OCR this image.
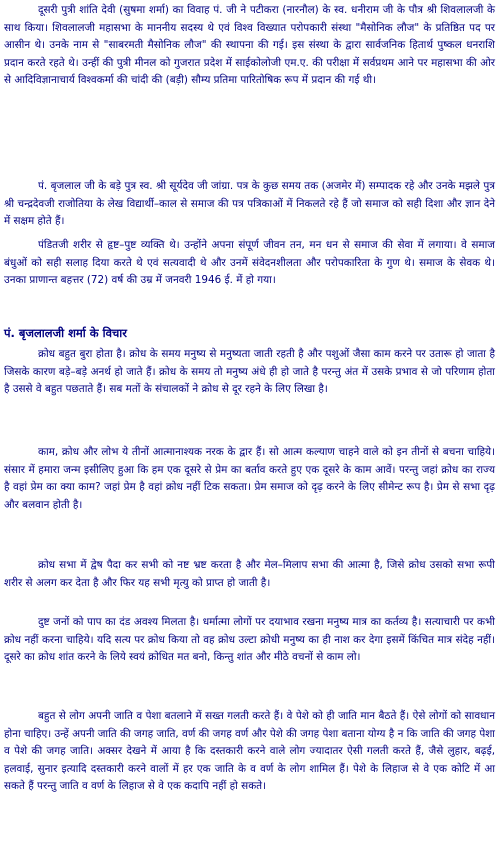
दूसरी पुत्री शांति देवी (सुषमा शर्मा) का विवाह पं. जी ने पटीकरा (नारनौल) के स्व. धनीराम जी के पौत्र श्री शिवलालजी के साथ किया। शिवलालजी महासभा के माननीय सदस्य थे एवं विश्व विख्यात परोपकारी संस्था "मैसोनिक लौज" के प्रतिष्ठित पद पर आसीन थे। उनके नाम से "साबरमती मैसोनिक लौज" की स्थापना की गई। इस संस्था के द्वारा सार्वजनिक हितार्थ पुष्कल धनराशि प्रदान करते रहते थे। उन्हीं की पुत्री मीनल को गुजरात प्रदेश में साईकोलोजी एम.ए. की परीक्षा में सर्वप्रथम आने पर महासभा की ओर से आदिविज्ञानाचार्य विश्वकर्मा की चांदी की (बड़ी) सौम्य प्रतिमा पारितोषिक रूप में प्रदान की गई थी।

पं. बृजलाल जी के बड़े पुत्र स्व. श्री सूर्यदेव जी जांग्रा. पत्र के कुछ समय तक (अजमेर में) सम्पादक रहे और उनके मझले पुत्र श्री चन्द्रदेवजी राजोतिया के लेख विद्यार्थी–काल से समाज की पत्र पत्रिकाओं में निकलते रहे हैं जो समाज को सही दिशा और ज्ञान देने में सक्षम होते हैं।

पंडितजी शरीर से हृष्ट–पुष्ट व्यक्ति थे। उन्होंने अपना संपूर्ण जीवन तन, मन धन से समाज की सेवा में लगाया। वे समाज बंधुओं को सही सलाह दिया करते थे एवं सत्यवादी थे और उनमें संवेदनशीलता और परोपकारिता के गुण थे। समाज के सेवक थे। उनका प्राणान्त बहत्तर (72) वर्ष की उम्र में जनवरी 1946 ई. में हो गया।

पं. बृजलालजी शर्मा के विचार

क्रोध बहुत बुरा होता है। क्रोध के समय मनुष्य से मनुष्यता जाती रहती है और पशुओं जैसा काम करने पर उतारू हो जाता है जिसके कारण बड़े–बड़े अनर्थ हो जाते हैं। क्रोध के समय तो मनुष्य अंधे ही हो जाते है परन्तु अंत में उसके प्रभाव से जो परिणाम होता है उससे वे बहुत पछताते हैं। सब मतों के संचालकों ने क्रोध से दूर रहने के लिए लिखा है।

काम, क्रोध और लोभ ये तीनों आत्मानाश्यक नरक के द्वार हैं। सो आत्म कल्याण चाहने वाले को इन तीनों से बचना चाहिये। संसार में हमारा जन्म इसीलिए हुआ कि हम एक दूसरे से प्रेम का बर्ताव करते हुए एक दूसरे के काम आवें। परन्तु जहां क्रोध का राज्य है वहां प्रेम का क्या काम? जहां प्रेम है वहां क्रोध नहीं टिक सकता। प्रेम समाज को दृढ़ करने के लिए सीमेन्ट रूप है। प्रेम से सभा दृढ़ और बलवान होती है।

क्रोध सभा में द्वेष पैदा कर सभी को नष्ट भ्रष्ट करता है और मेल–मिलाप सभा की आत्मा है, जिसे क्रोध उसको सभा रूपी शरीर से अलग कर देता है और फिर यह सभी मृत्यु को प्राप्त हो जाती है।

दुष्ट जनों को पाप का दंड अवश्य मिलता है। धर्मात्मा लोगों पर दयाभाव रखना मनुष्य मात्र का कर्तव्य है। सत्याचारी पर कभी क्रोध नहीं करना चाहिये। यदि सत्य पर क्रोध किया तो वह क्रोध उल्टा क्रोधी मनुष्य का ही नाश कर देगा इसमें किंचित मात्र संदेह नहीं। दूसरे का क्रोध शांत करने के लिये स्वयं क्रोधित मत बनो, किन्तु शांत और मीठे वचनों से काम लो।

बहुत से लोग अपनी जाति व पेशा बतलाने में सख्त गलती करते हैं। वे पेशे को ही जाति मान बैठते हैं। ऐसे लोगों को सावधान होना चाहिए। उन्हें अपनी जाति की जगह जाति, वर्ण की जगह वर्ण और पेशे की जगह पेशा बताना योग्य है न कि जाति की जगह पेशा व पेशे की जगह जाति। अक्सर देखने में आया है कि दस्तकारी करने वाले लोग ज्यादातर ऐसी गलती करते हैं, जैसे लुहार, बढ़ई, हलवाई, सुनार इत्यादि दस्तकारी करने वालों में हर एक जाति के व वर्ण के लोग शामिल हैं। पेशे के लिहाज से वे एक कोटि में आ सकते हैं परन्तु जाति व वर्ण के लिहाज से वे एक कदापि नहीं हो सकते।
